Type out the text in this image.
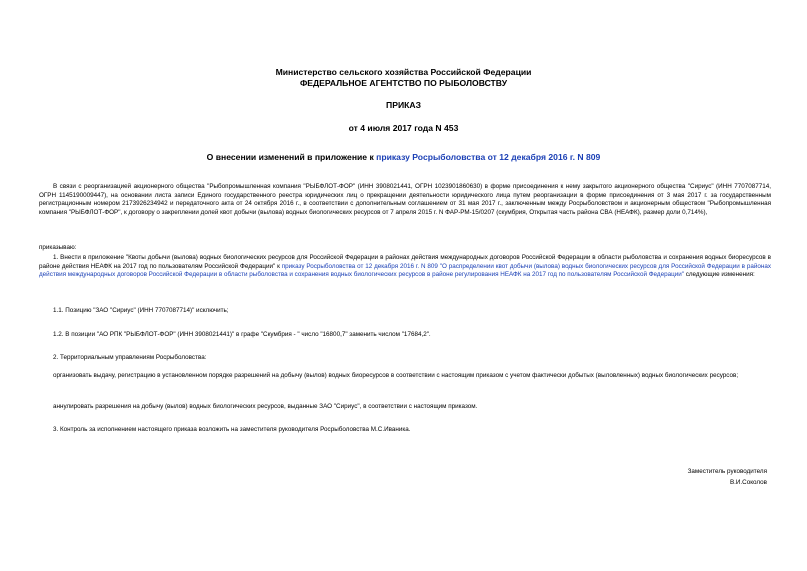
Министерство сельского хозяйства Российской Федерации
ФЕДЕРАЛЬНОЕ АГЕНТСТВО ПО РЫБОЛОВСТВУ
ПРИКАЗ
от 4 июля 2017 года N 453
О внесении изменений в приложение к приказу Росрыболовства от 12 декабря 2016 г. N 809

В связи с реорганизацией акционерного общества "Рыбопромышленная компания "РЫБФЛОТ-ФОР" (ИНН 3908021441, ОГРН 1023901860630) в форме присоединения к нему закрытого акционерного общества "Сириус" (ИНН 7707087714, ОГРН 1145190009447), на основании листа записи Единого государственного реестра юридических лиц о прекращении деятельности юридического лица путем реорганизации в форме присоединения от 3 мая 2017 г. за государственным регистрационным номером 2173926234942 и передаточного акта от 24 октября 2016 г., в соответствии с дополнительным соглашением от 31 мая 2017 г., заключенным между Росрыболовством и акционерным обществом "Рыбопромышленная компания "РЫБФЛОТ-ФОР", к договору о закреплении долей квот добычи (вылова) водных биологических ресурсов от 7 апреля 2015 г. N ФАР-РМ-15/0207 (скумбрия, Открытая часть района СВА (НЕАФК), размер доли 0,714%),

приказываю:

1. Внести в приложение "Квоты добычи (вылова) водных биологических ресурсов для Российской Федерации в районах действия международных договоров Российской Федерации в области рыболовства и сохранения водных биоресурсов в районе действия НЕАФК на 2017 год по пользователям Российской Федерации" к приказу Росрыболовства от 12 декабря 2016 г. N 809 "О распределении квот добычи (вылова) водных биологических ресурсов для Российской Федерации в районах действия международных договоров Российской Федерации в области рыболовства и сохранения водных биологических ресурсов в районе регулирования НЕАФК на 2017 год по пользователям Российской Федерации" следующие изменения:

1.1. Позицию "ЗАО "Сириус" (ИНН 7707087714)" исключить;

1.2. В позиции "АО РПК "РЫБФЛОТ-ФОР" (ИНН 3908021441)" в графе "Скумбрия - " число "16800,7" заменить числом "17684,2".

2. Территориальным управлениям Росрыболовства:

организовать выдачу, регистрацию в установленном порядке разрешений на добычу (вылов) водных биоресурсов в соответствии с настоящим приказом с учетом фактически добытых (выловленных) водных биологических ресурсов;

аннулировать разрешения на добычу (вылов) водных биологических ресурсов, выданные ЗАО "Сириус", в соответствии с настоящим приказом.

3. Контроль за исполнением настоящего приказа возложить на заместителя руководителя Росрыболовства М.С.Иваника.

Заместитель руководителя
В.И.Соколов
